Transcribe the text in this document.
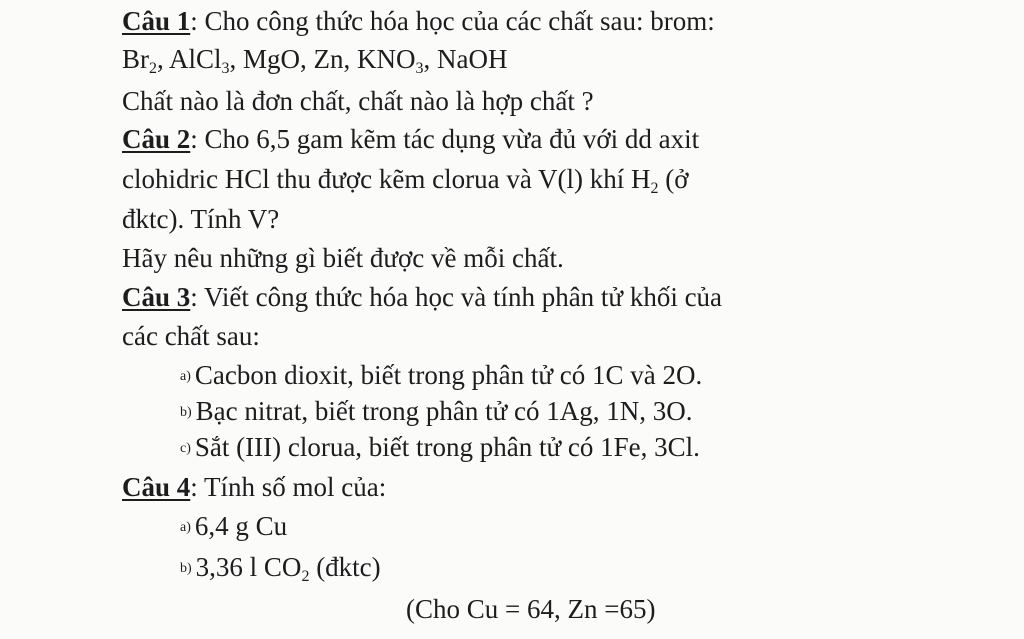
Câu 1: Cho công thức hóa học của các chất sau: brom:
$Br_2$, AlCl$_3$, MgO, Zn, $KNO_3$, NaOH
Chất nào là đơn chất, chất nào là hợp chất ?
Câu 2: Cho 6,5 gam kẽm tác dụng vừa đủ với dd axit
clohidric HCl thu được kẽm clorua và V(l) khí $H_2$ (ở
đktc). Tính V?
Hãy nêu những gì biết được về mỗi chất.
Câu 3: Viết công thức hóa học và tính phân tử khối của
các chất sau:
a) Cacbon dioxit, biết trong phân tử có 1C và 2O.
b) Bạc nitrat, biết trong phân tử có 1Ag, 1N, 3O.
c) Sắt (III) clorua, biết trong phân tử có 1Fe, 3Cl.
Câu 4: Tính số mol của:
a) 6,4 g Cu
b) 3,36 l $CO_2$ (đktc)
(Cho Cu = 64, Zn =65)
